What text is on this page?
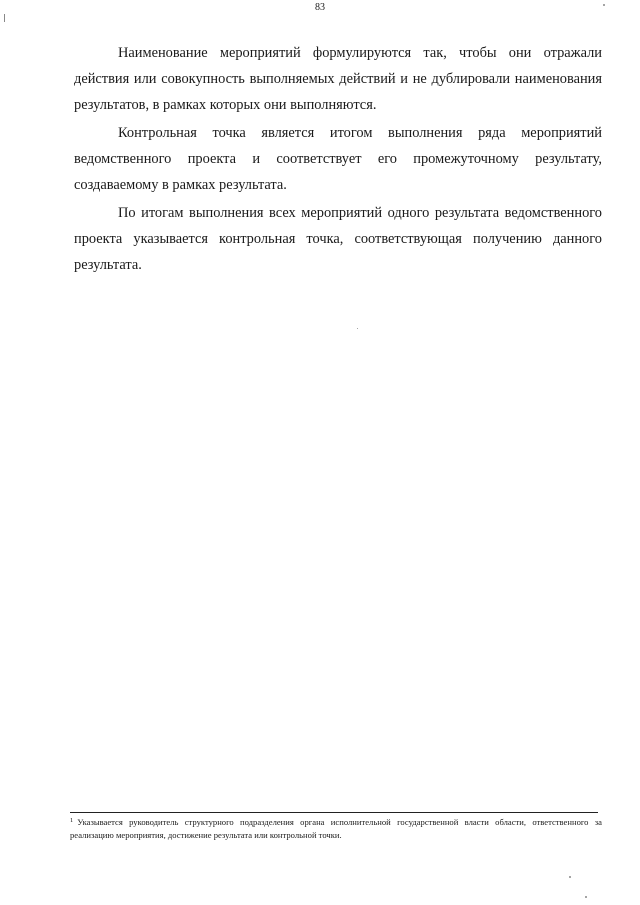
83

Наименование мероприятий формулируются так, чтобы они отражали действия или совокупность выполняемых действий и не дублировали наименования результатов, в рамках которых они выполняются.

Контрольная точка является итогом выполнения ряда мероприятий ведомственного проекта и соответствует его промежуточному результату, создаваемому в рамках результата.

По итогам выполнения всех мероприятий одного результата ведомственного проекта указывается контрольная точка, соответствующая получению данного результата.

$^1$ Указывается руководитель структурного подразделения органа исполнительной государственной власти области, ответственного за реализацию мероприятия, достижение результата или контрольной точки.
